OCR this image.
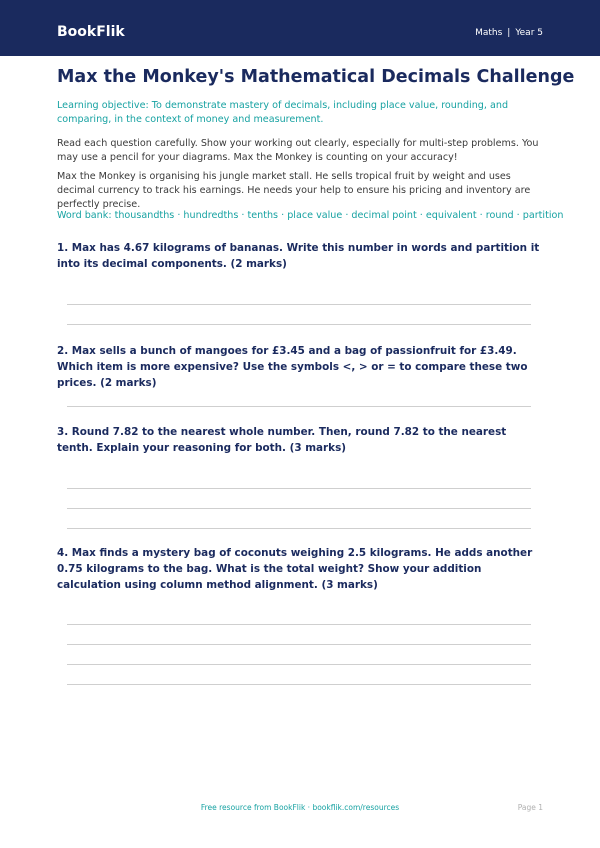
BookFlik	Maths | Year 5
Max the Monkey's Mathematical Decimals Challenge

Learning objective: To demonstrate mastery of decimals, including place value, rounding, and comparing, in the context of money and measurement.

Read each question carefully. Show your working out clearly, especially for multi-step problems. You may use a pencil for your diagrams. Max the Monkey is counting on your accuracy!

Max the Monkey is organising his jungle market stall. He sells tropical fruit by weight and uses decimal currency to track his earnings. He needs your help to ensure his pricing and inventory are perfectly precise.

Word bank: thousandths · hundredths · tenths · place value · decimal point · equivalent · round · partition

1. Max has 4.67 kilograms of bananas. Write this number in words and partition it into its decimal components. (2 marks)

2. Max sells a bunch of mangoes for £3.45 and a bag of passionfruit for £3.49. Which item is more expensive? Use the symbols <, > or = to compare these two prices. (2 marks)

3. Round 7.82 to the nearest whole number. Then, round 7.82 to the nearest tenth. Explain your reasoning for both. (3 marks)

4. Max finds a mystery bag of coconuts weighing 2.5 kilograms. He adds another 0.75 kilograms to the bag. What is the total weight? Show your addition calculation using column method alignment. (3 marks)

Free resource from BookFlik · bookflik.com/resources	Page 1
